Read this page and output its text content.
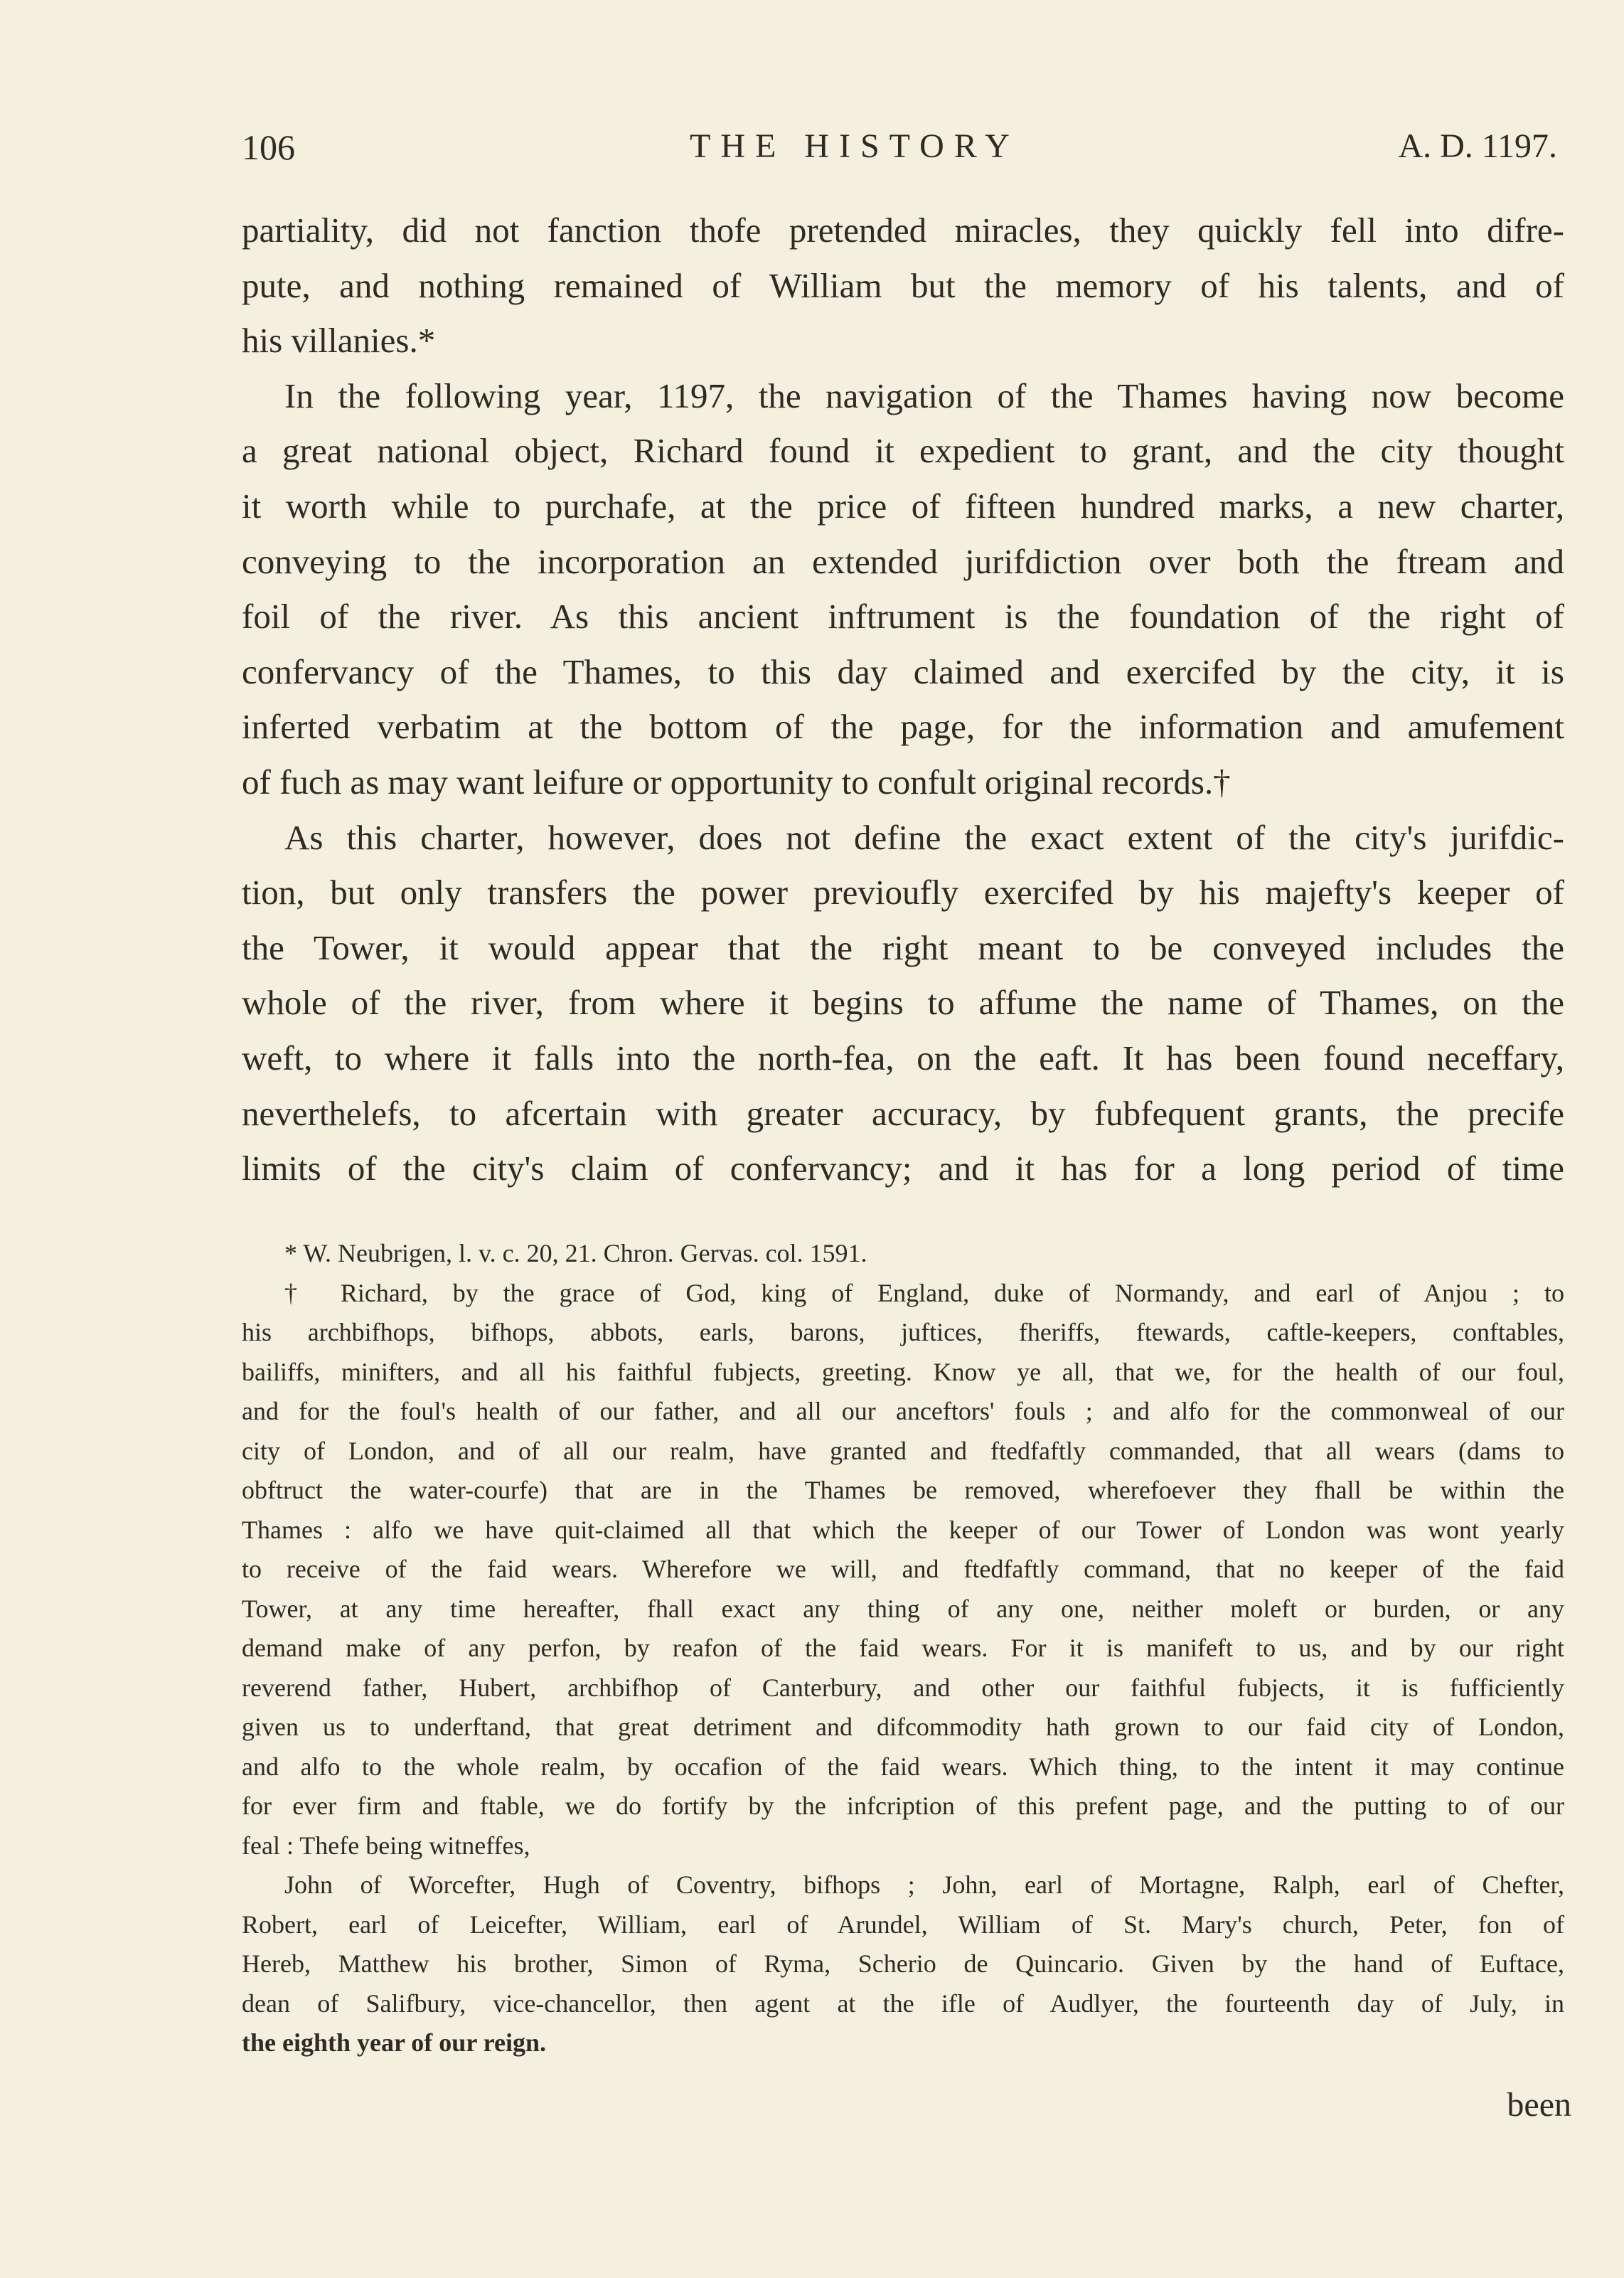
106	THE HISTORY	A. D. 1197.
partiality, did not fanction thofe pretended miracles, they quickly fell into difre-
pute, and nothing remained of William but the memory of his talents, and of
his villanies.*
In the following year, 1197, the navigation of the Thames having now become
a great national object, Richard found it expedient to grant, and the city thought
it worth while to purchafe, at the price of fifteen hundred marks, a new charter,
conveying to the incorporation an extended jurifdiction over both the ftream and
foil of the river. As this ancient inftrument is the foundation of the right of
confervancy of the Thames, to this day claimed and exercifed by the city, it is
inferted verbatim at the bottom of the page, for the information and amufement
of fuch as may want leifure or opportunity to confult original records.†
As this charter, however, does not define the exact extent of the city's jurifdic-
tion, but only transfers the power previoufly exercifed by his majefty's keeper of
the Tower, it would appear that the right meant to be conveyed includes the
whole of the river, from where it begins to affume the name of Thames, on the
weft, to where it falls into the north-fea, on the eaft. It has been found neceffary,
neverthelefs, to afcertain with greater accuracy, by fubfequent grants, the precife
limits of the city's claim of confervancy; and it has for a long period of time
* W. Neubrigen, l. v. c. 20, 21. Chron. Gervas. col. 1591.
† Richard, by the grace of God, king of England, duke of Normandy, and earl of Anjou ; to
his archbifhops, bifhops, abbots, earls, barons, juftices, fheriffs, ftewards, caftle-keepers, conftables,
bailiffs, minifters, and all his faithful fubjects, greeting. Know ye all, that we, for the health of our foul,
and for the foul's health of our father, and all our anceftors' fouls ; and alfo for the commonweal of our
city of London, and of all our realm, have granted and ftedfaftly commanded, that all wears (dams to
obftruct the water-courfe) that are in the Thames be removed, wherefoever they fhall be within the
Thames : alfo we have quit-claimed all that which the keeper of our Tower of London was wont yearly
to receive of the faid wears. Wherefore we will, and ftedfaftly command, that no keeper of the faid
Tower, at any time hereafter, fhall exact any thing of any one, neither moleft or burden, or any
demand make of any perfon, by reafon of the faid wears. For it is manifeft to us, and by our right
reverend father, Hubert, archbifhop of Canterbury, and other our faithful fubjects, it is fufficiently
given us to underftand, that great detriment and difcommodity hath grown to our faid city of London,
and alfo to the whole realm, by occafion of the faid wears. Which thing, to the intent it may continue
for ever firm and ftable, we do fortify by the infcription of this prefent page, and the putting to of our
feal : Thefe being witneffes,
John of Worcefter, Hugh of Coventry, bifhops ; John, earl of Mortagne, Ralph, earl of Chefter,
Robert, earl of Leicefter, William, earl of Arundel, William of St. Mary's church, Peter, fon of
Hereb, Matthew his brother, Simon of Ryma, Scherio de Quincario. Given by the hand of Euftace,
dean of Salifbury, vice-chancellor, then agent at the ifle of Audlyer, the fourteenth day of July, in
the eighth year of our reign.
been
